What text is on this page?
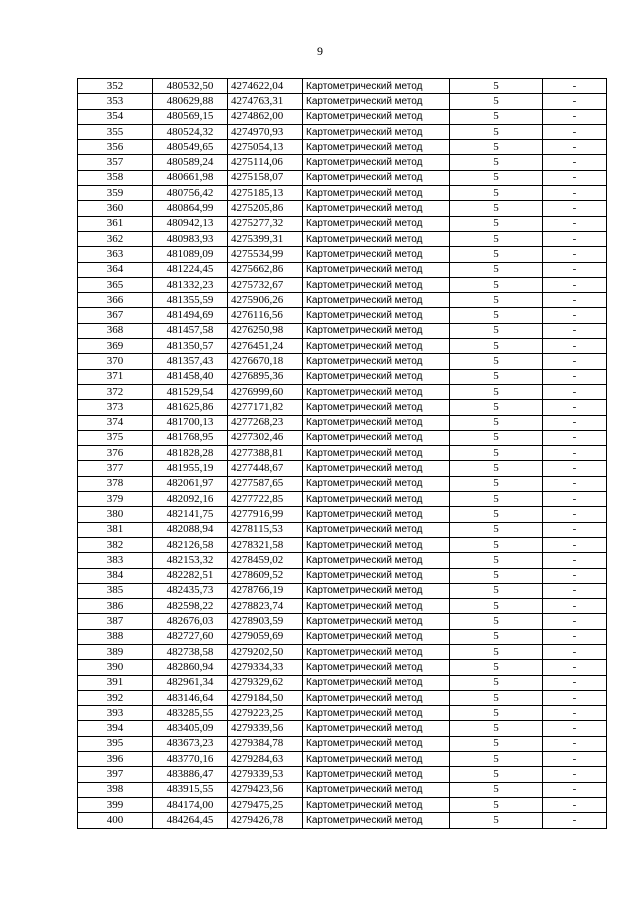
9
352	480532,50	4274622,04	Картометрический метод	5	-
353	480629,88	4274763,31	Картометрический метод	5	-
354	480569,15	4274862,00	Картометрический метод	5	-
355	480524,32	4274970,93	Картометрический метод	5	-
356	480549,65	4275054,13	Картометрический метод	5	-
357	480589,24	4275114,06	Картометрический метод	5	-
358	480661,98	4275158,07	Картометрический метод	5	-
359	480756,42	4275185,13	Картометрический метод	5	-
360	480864,99	4275205,86	Картометрический метод	5	-
361	480942,13	4275277,32	Картометрический метод	5	-
362	480983,93	4275399,31	Картометрический метод	5	-
363	481089,09	4275534,99	Картометрический метод	5	-
364	481224,45	4275662,86	Картометрический метод	5	-
365	481332,23	4275732,67	Картометрический метод	5	-
366	481355,59	4275906,26	Картометрический метод	5	-
367	481494,69	4276116,56	Картометрический метод	5	-
368	481457,58	4276250,98	Картометрический метод	5	-
369	481350,57	4276451,24	Картометрический метод	5	-
370	481357,43	4276670,18	Картометрический метод	5	-
371	481458,40	4276895,36	Картометрический метод	5	-
372	481529,54	4276999,60	Картометрический метод	5	-
373	481625,86	4277171,82	Картометрический метод	5	-
374	481700,13	4277268,23	Картометрический метод	5	-
375	481768,95	4277302,46	Картометрический метод	5	-
376	481828,28	4277388,81	Картометрический метод	5	-
377	481955,19	4277448,67	Картометрический метод	5	-
378	482061,97	4277587,65	Картометрический метод	5	-
379	482092,16	4277722,85	Картометрический метод	5	-
380	482141,75	4277916,99	Картометрический метод	5	-
381	482088,94	4278115,53	Картометрический метод	5	-
382	482126,58	4278321,58	Картометрический метод	5	-
383	482153,32	4278459,02	Картометрический метод	5	-
384	482282,51	4278609,52	Картометрический метод	5	-
385	482435,73	4278766,19	Картометрический метод	5	-
386	482598,22	4278823,74	Картометрический метод	5	-
387	482676,03	4278903,59	Картометрический метод	5	-
388	482727,60	4279059,69	Картометрический метод	5	-
389	482738,58	4279202,50	Картометрический метод	5	-
390	482860,94	4279334,33	Картометрический метод	5	-
391	482961,34	4279329,62	Картометрический метод	5	-
392	483146,64	4279184,50	Картометрический метод	5	-
393	483285,55	4279223,25	Картометрический метод	5	-
394	483405,09	4279339,56	Картометрический метод	5	-
395	483673,23	4279384,78	Картометрический метод	5	-
396	483770,16	4279284,63	Картометрический метод	5	-
397	483886,47	4279339,53	Картометрический метод	5	-
398	483915,55	4279423,56	Картометрический метод	5	-
399	484174,00	4279475,25	Картометрический метод	5	-
400	484264,45	4279426,78	Картометрический метод	5	-
